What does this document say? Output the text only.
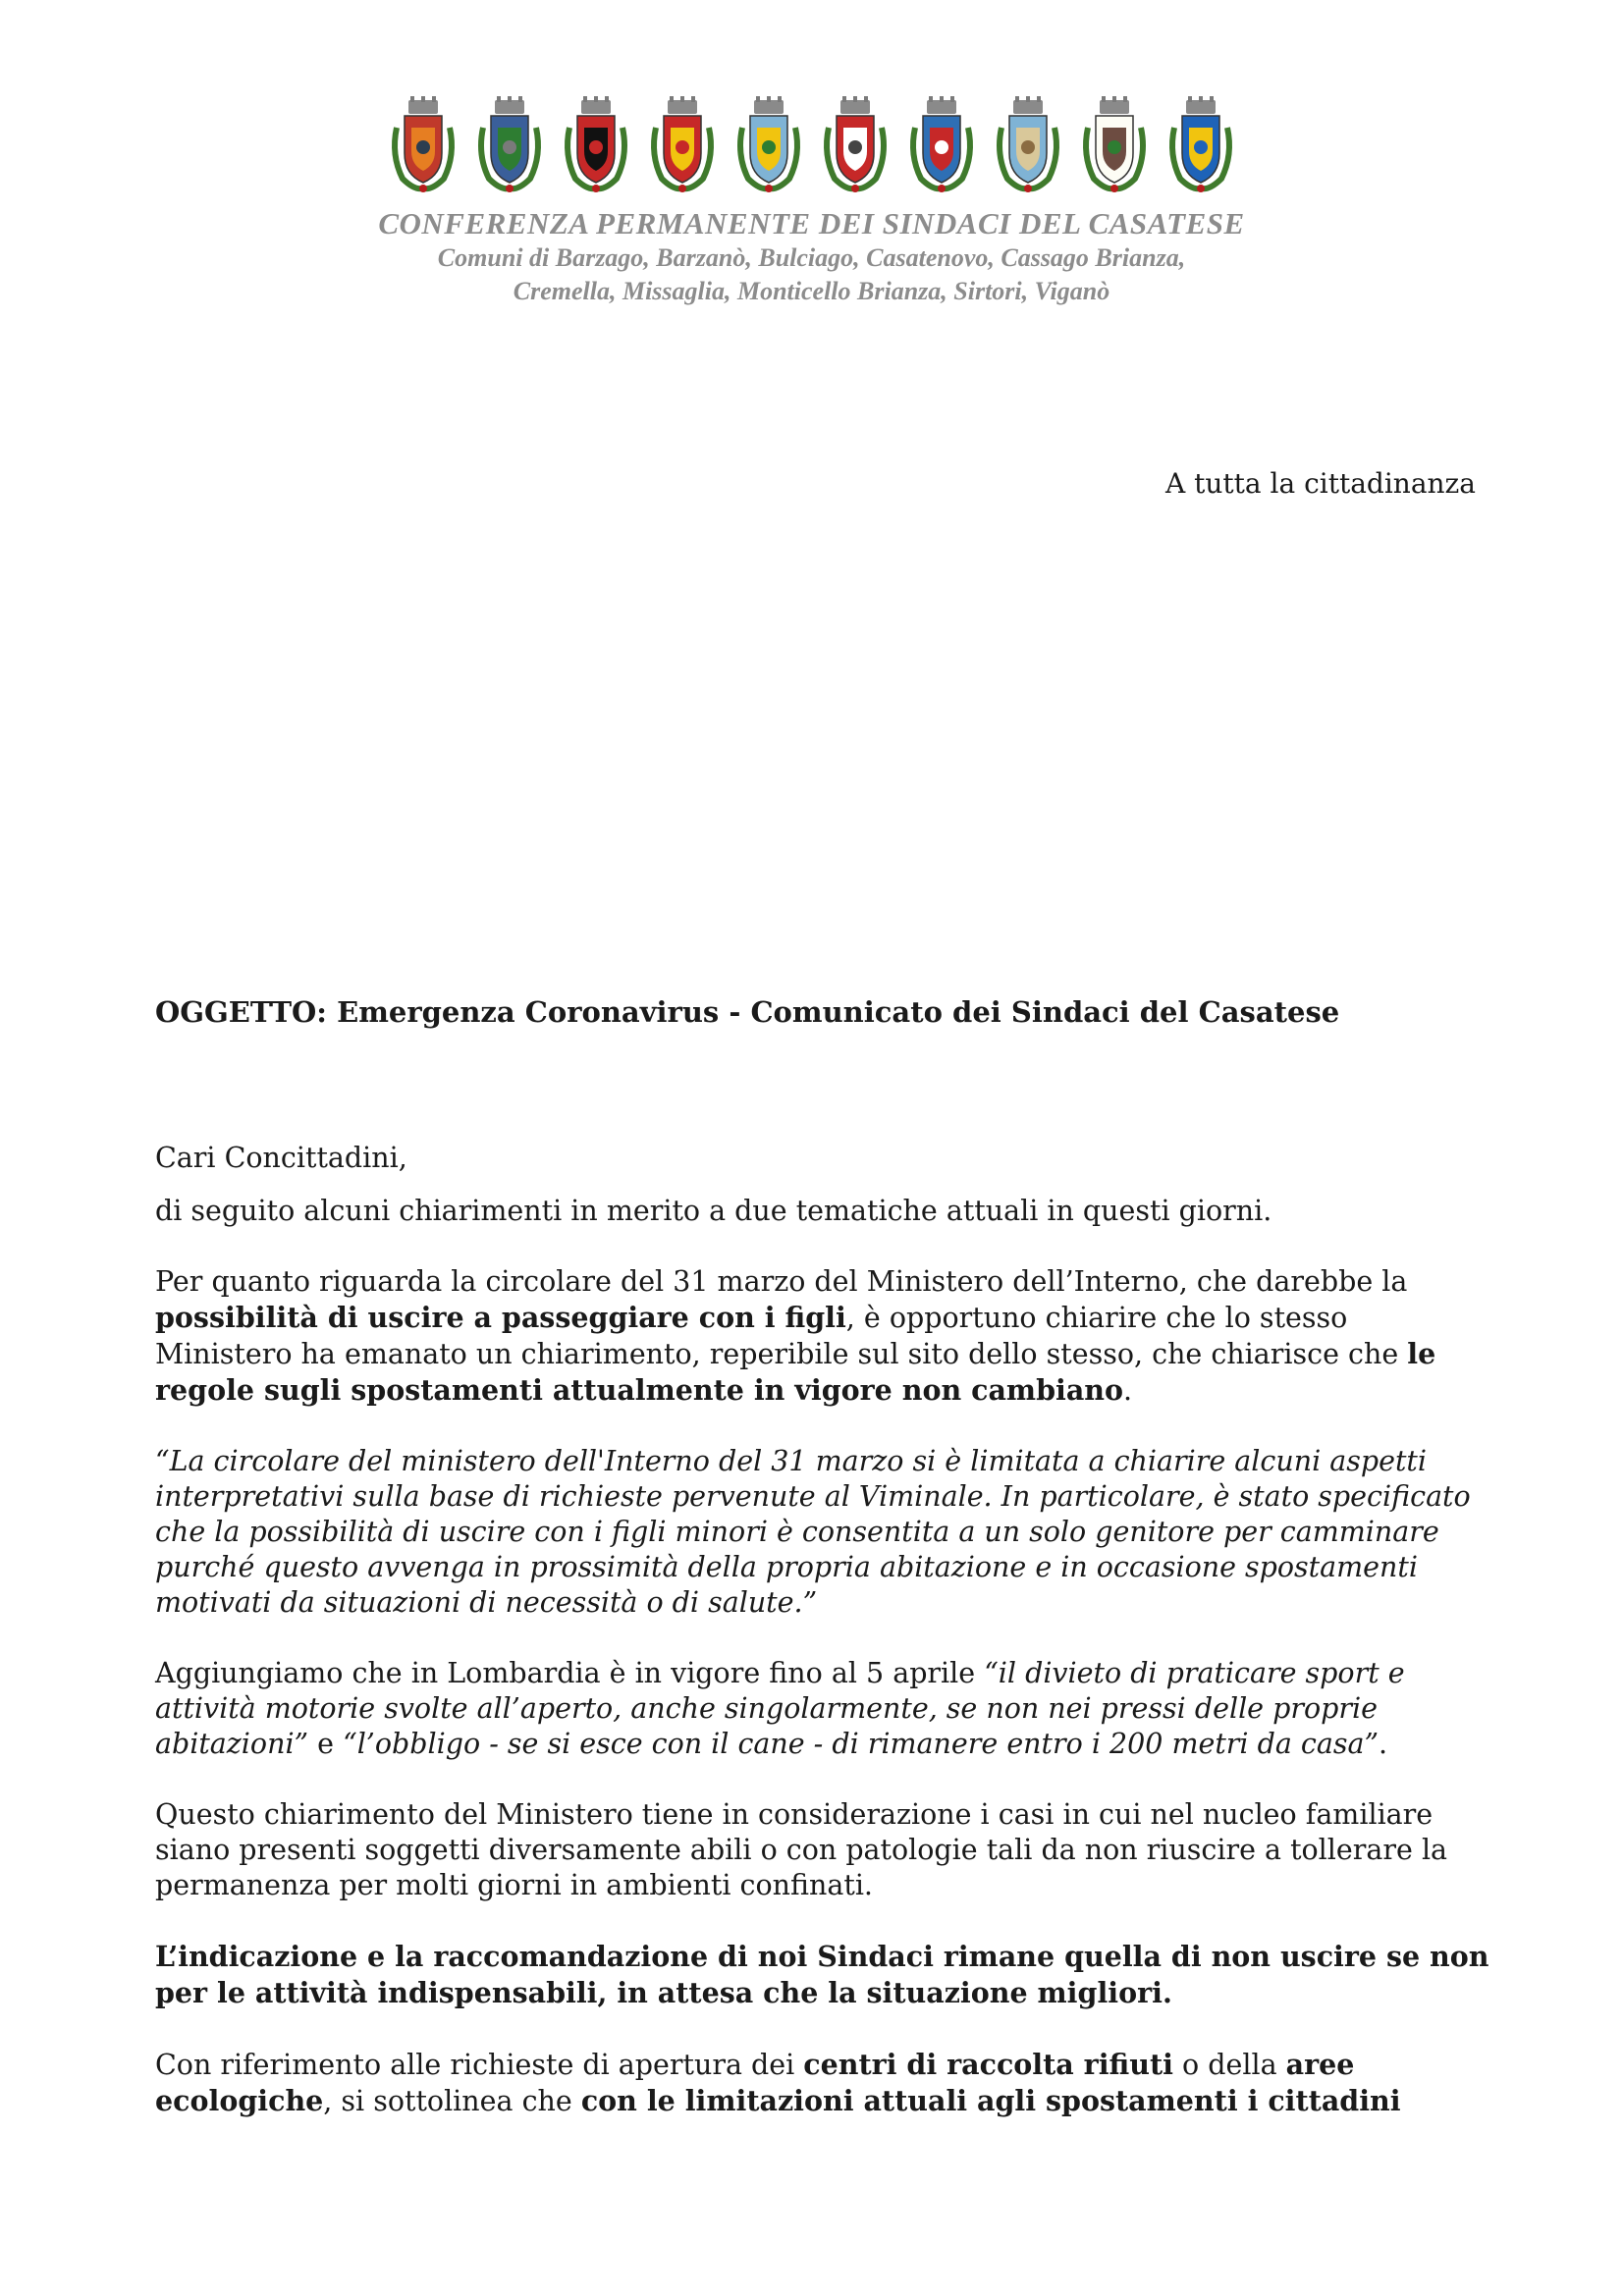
CONFERENZA PERMANENTE DEI SINDACI DEL CASATESE
Comuni di Barzago, Barzanò, Bulciago, Casatenovo, Cassago Brianza,
Cremella, Missaglia, Monticello Brianza, Sirtori, Viganò
A tutta la cittadinanza
OGGETTO: Emergenza Coronavirus - Comunicato dei Sindaci del Casatese

Cari Concittadini,

di seguito alcuni chiarimenti in merito a due tematiche attuali in questi giorni.

Per quanto riguarda la circolare del 31 marzo del Ministero dell’Interno, che darebbe la possibilità di uscire a passeggiare con i figli, è opportuno chiarire che lo stesso Ministero ha emanato un chiarimento, reperibile sul sito dello stesso, che chiarisce che le regole sugli spostamenti attualmente in vigore non cambiano.

“La circolare del ministero dell'Interno del 31 marzo si è limitata a chiarire alcuni aspetti interpretativi sulla base di richieste pervenute al Viminale. In particolare, è stato specificato che la possibilità di uscire con i figli minori è consentita a un solo genitore per camminare purché questo avvenga in prossimità della propria abitazione e in occasione spostamenti motivati da situazioni di necessità o di salute.”

Aggiungiamo che in Lombardia è in vigore fino al 5 aprile “il divieto di praticare sport e attività motorie svolte all’aperto, anche singolarmente, se non nei pressi delle proprie abitazioni” e “l’obbligo - se si esce con il cane - di rimanere entro i 200 metri da casa”.

Questo chiarimento del Ministero tiene in considerazione i casi in cui nel nucleo familiare siano presenti soggetti diversamente abili o con patologie tali da non riuscire a tollerare la permanenza per molti giorni in ambienti confinati.

L’indicazione e la raccomandazione di noi Sindaci rimane quella di non uscire se non per le attività indispensabili, in attesa che la situazione migliori.

Con riferimento alle richieste di apertura dei centri di raccolta rifiuti o della aree ecologiche, si sottolinea che con le limitazioni attuali agli spostamenti i cittadini
